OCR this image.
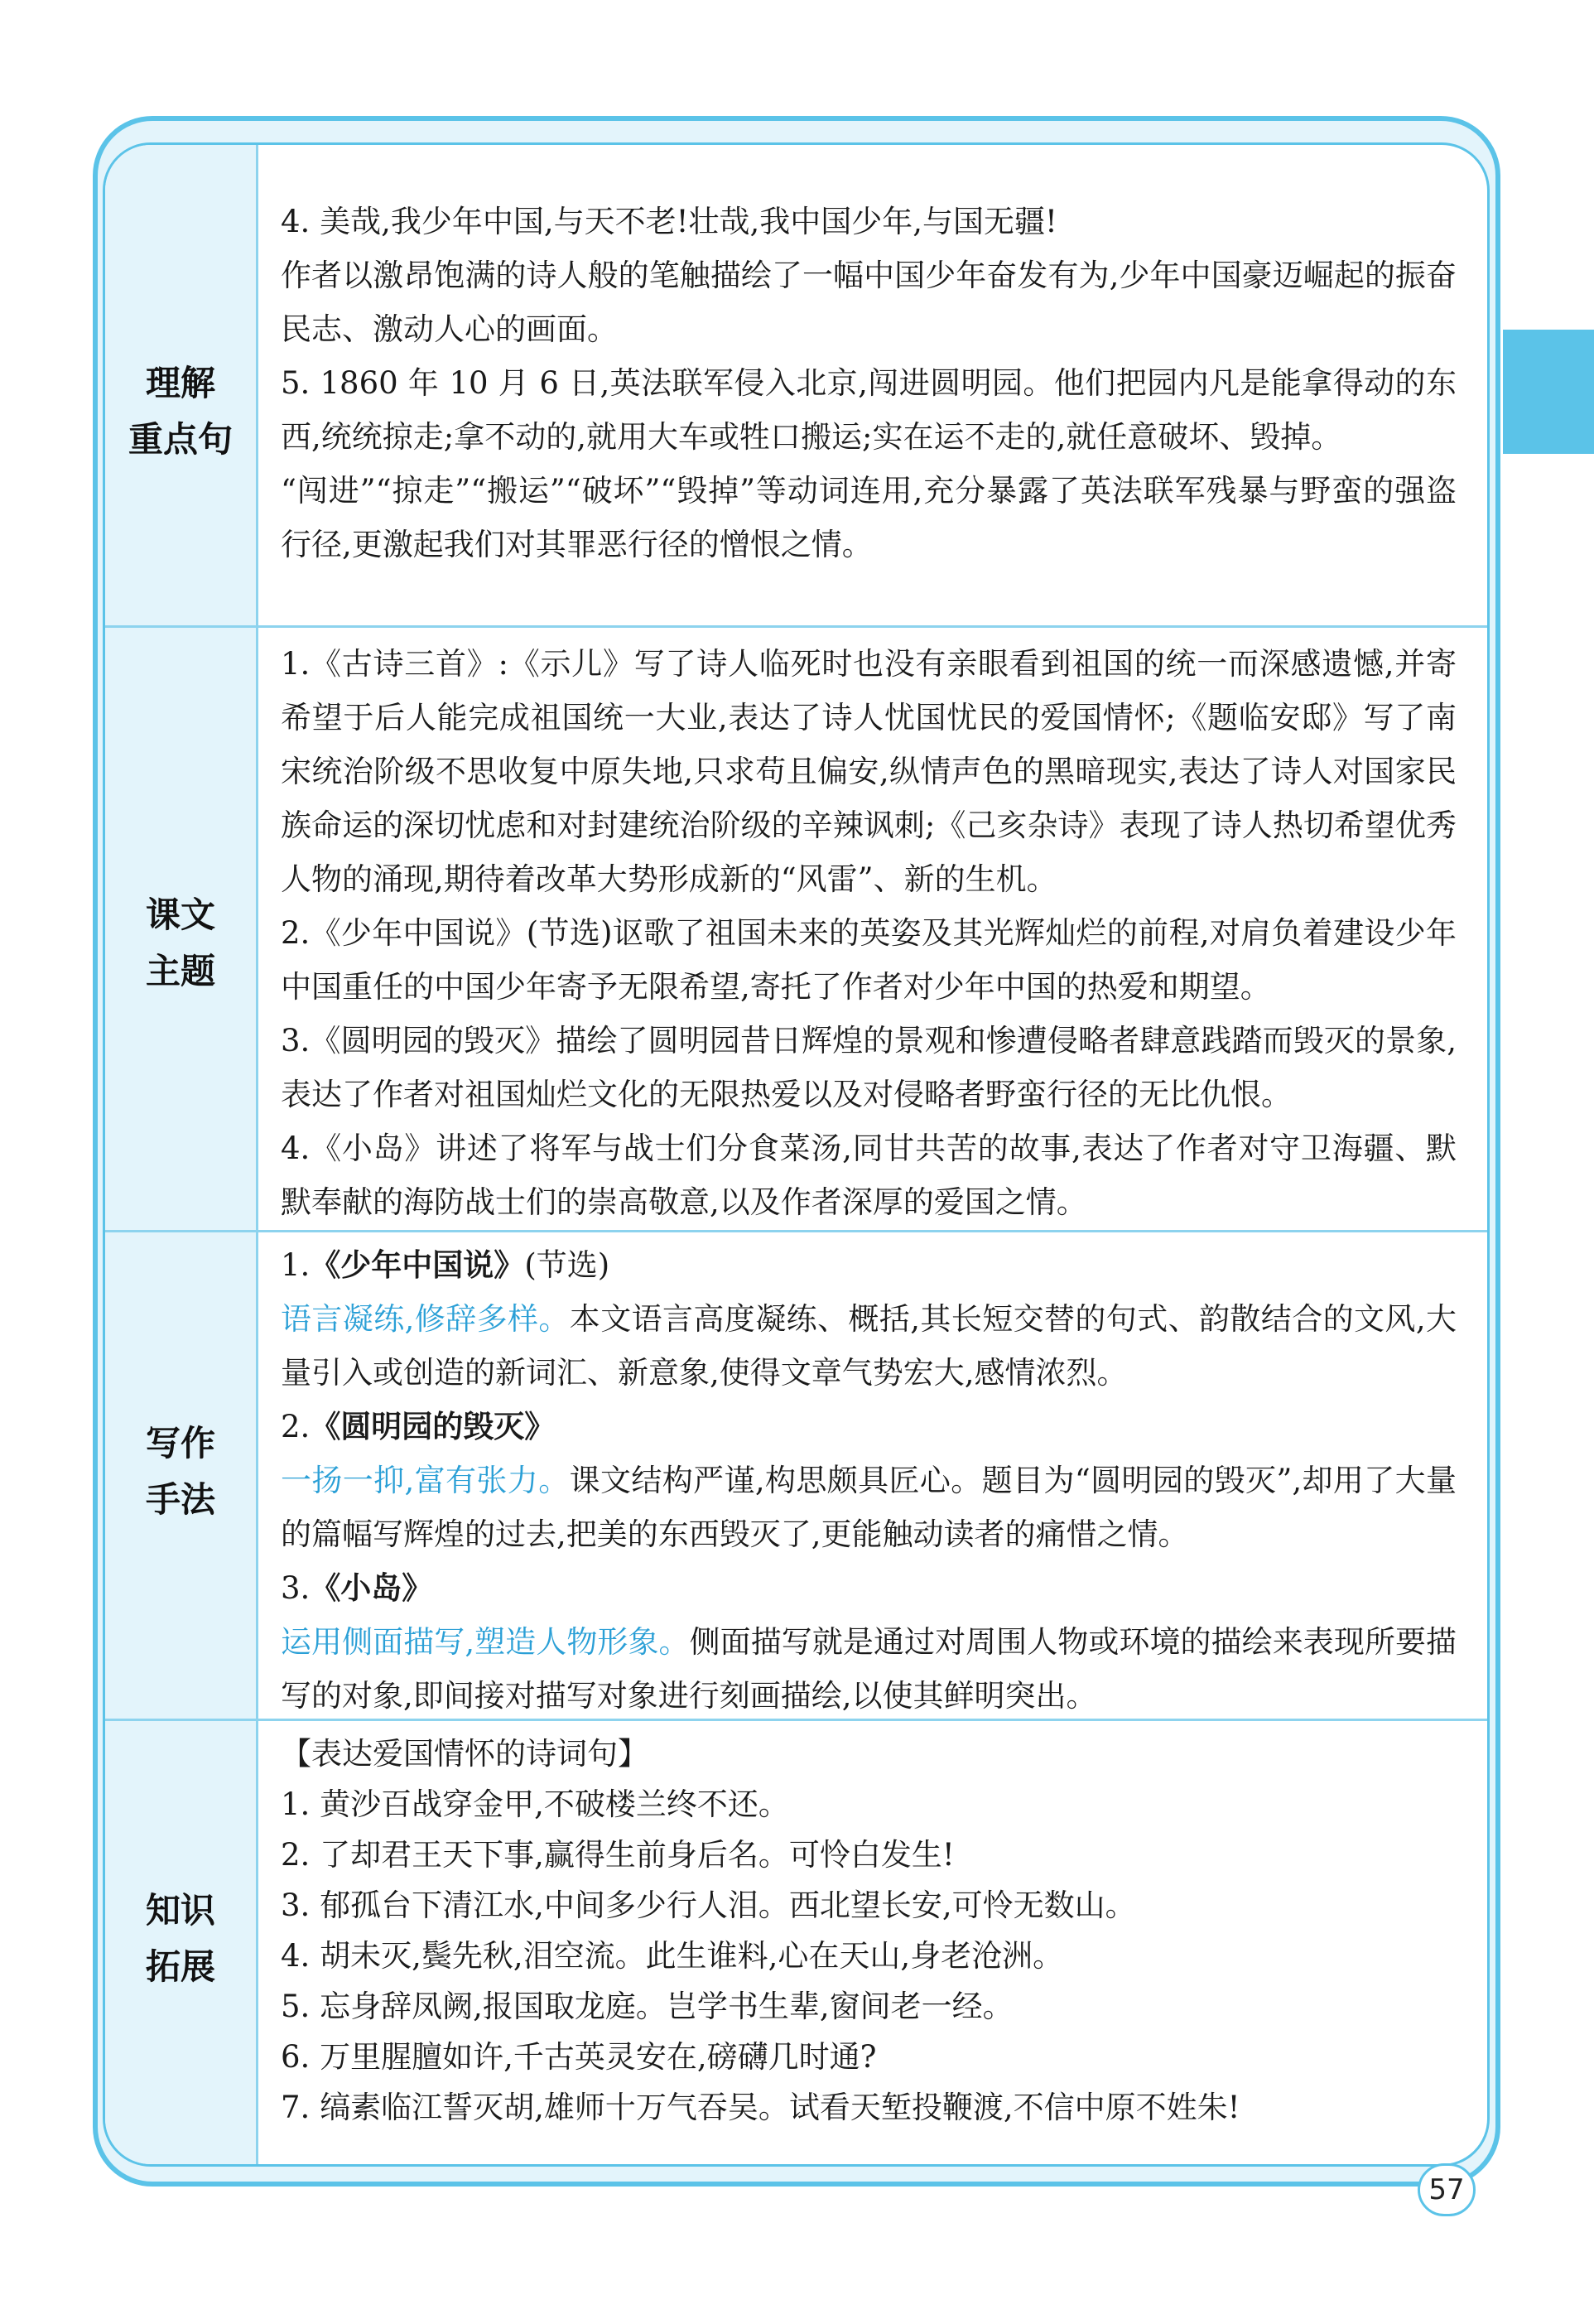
理解
重点句

4. 美哉,我少年中国,与天不老!壮哉,我中国少年,与国无疆!

作者以激昂饱满的诗人般的笔触描绘了一幅中国少年奋发有为,少年中国豪迈崛起的振奋民志、激动人心的画面。

5. 1860 年 10 月 6 日,英法联军侵入北京,闯进圆明园。他们把园内凡是能拿得动的东西,统统掠走;拿不动的,就用大车或牲口搬运;实在运不走的,就任意破坏、毁掉。

“闯进”“掠走”“搬运”“破坏”“毁掉”等动词连用,充分暴露了英法联军残暴与野蛮的强盗行径,更激起我们对其罪恶行径的憎恨之情。

课文
主题

1.《古诗三首》:《示儿》写了诗人临死时也没有亲眼看到祖国的统一而深感遗憾,并寄希望于后人能完成祖国统一大业,表达了诗人忧国忧民的爱国情怀;《题临安邸》写了南宋统治阶级不思收复中原失地,只求苟且偏安,纵情声色的黑暗现实,表达了诗人对国家民族命运的深切忧虑和对封建统治阶级的辛辣讽刺;《己亥杂诗》表现了诗人热切希望优秀人物的涌现,期待着改革大势形成新的“风雷”、新的生机。

2.《少年中国说》(节选)讴歌了祖国未来的英姿及其光辉灿烂的前程,对肩负着建设少年中国重任的中国少年寄予无限希望,寄托了作者对少年中国的热爱和期望。

3.《圆明园的毁灭》描绘了圆明园昔日辉煌的景观和惨遭侵略者肆意践踏而毁灭的景象,表达了作者对祖国灿烂文化的无限热爱以及对侵略者野蛮行径的无比仇恨。

4.《小岛》讲述了将军与战士们分食菜汤,同甘共苦的故事,表达了作者对守卫海疆、默默奉献的海防战士们的崇高敬意,以及作者深厚的爱国之情。

写作
手法

1.《少年中国说》(节选)

语言凝练,修辞多样。本文语言高度凝练、概括,其长短交替的句式、韵散结合的文风,大量引入或创造的新词汇、新意象,使得文章气势宏大,感情浓烈。

2.《圆明园的毁灭》

一扬一抑,富有张力。课文结构严谨,构思颇具匠心。题目为“圆明园的毁灭”,却用了大量的篇幅写辉煌的过去,把美的东西毁灭了,更能触动读者的痛惜之情。

3.《小岛》

运用侧面描写,塑造人物形象。侧面描写就是通过对周围人物或环境的描绘来表现所要描写的对象,即间接对描写对象进行刻画描绘,以使其鲜明突出。

知识
拓展

【表达爱国情怀的诗词句】

1. 黄沙百战穿金甲,不破楼兰终不还。

2. 了却君王天下事,赢得生前身后名。可怜白发生!

3. 郁孤台下清江水,中间多少行人泪。西北望长安,可怜无数山。

4. 胡未灭,鬓先秋,泪空流。此生谁料,心在天山,身老沧洲。

5. 忘身辞凤阙,报国取龙庭。岂学书生辈,窗间老一经。

6. 万里腥膻如许,千古英灵安在,磅礴几时通?

7. 缟素临江誓灭胡,雄师十万气吞吴。试看天堑投鞭渡,不信中原不姓朱!

57
